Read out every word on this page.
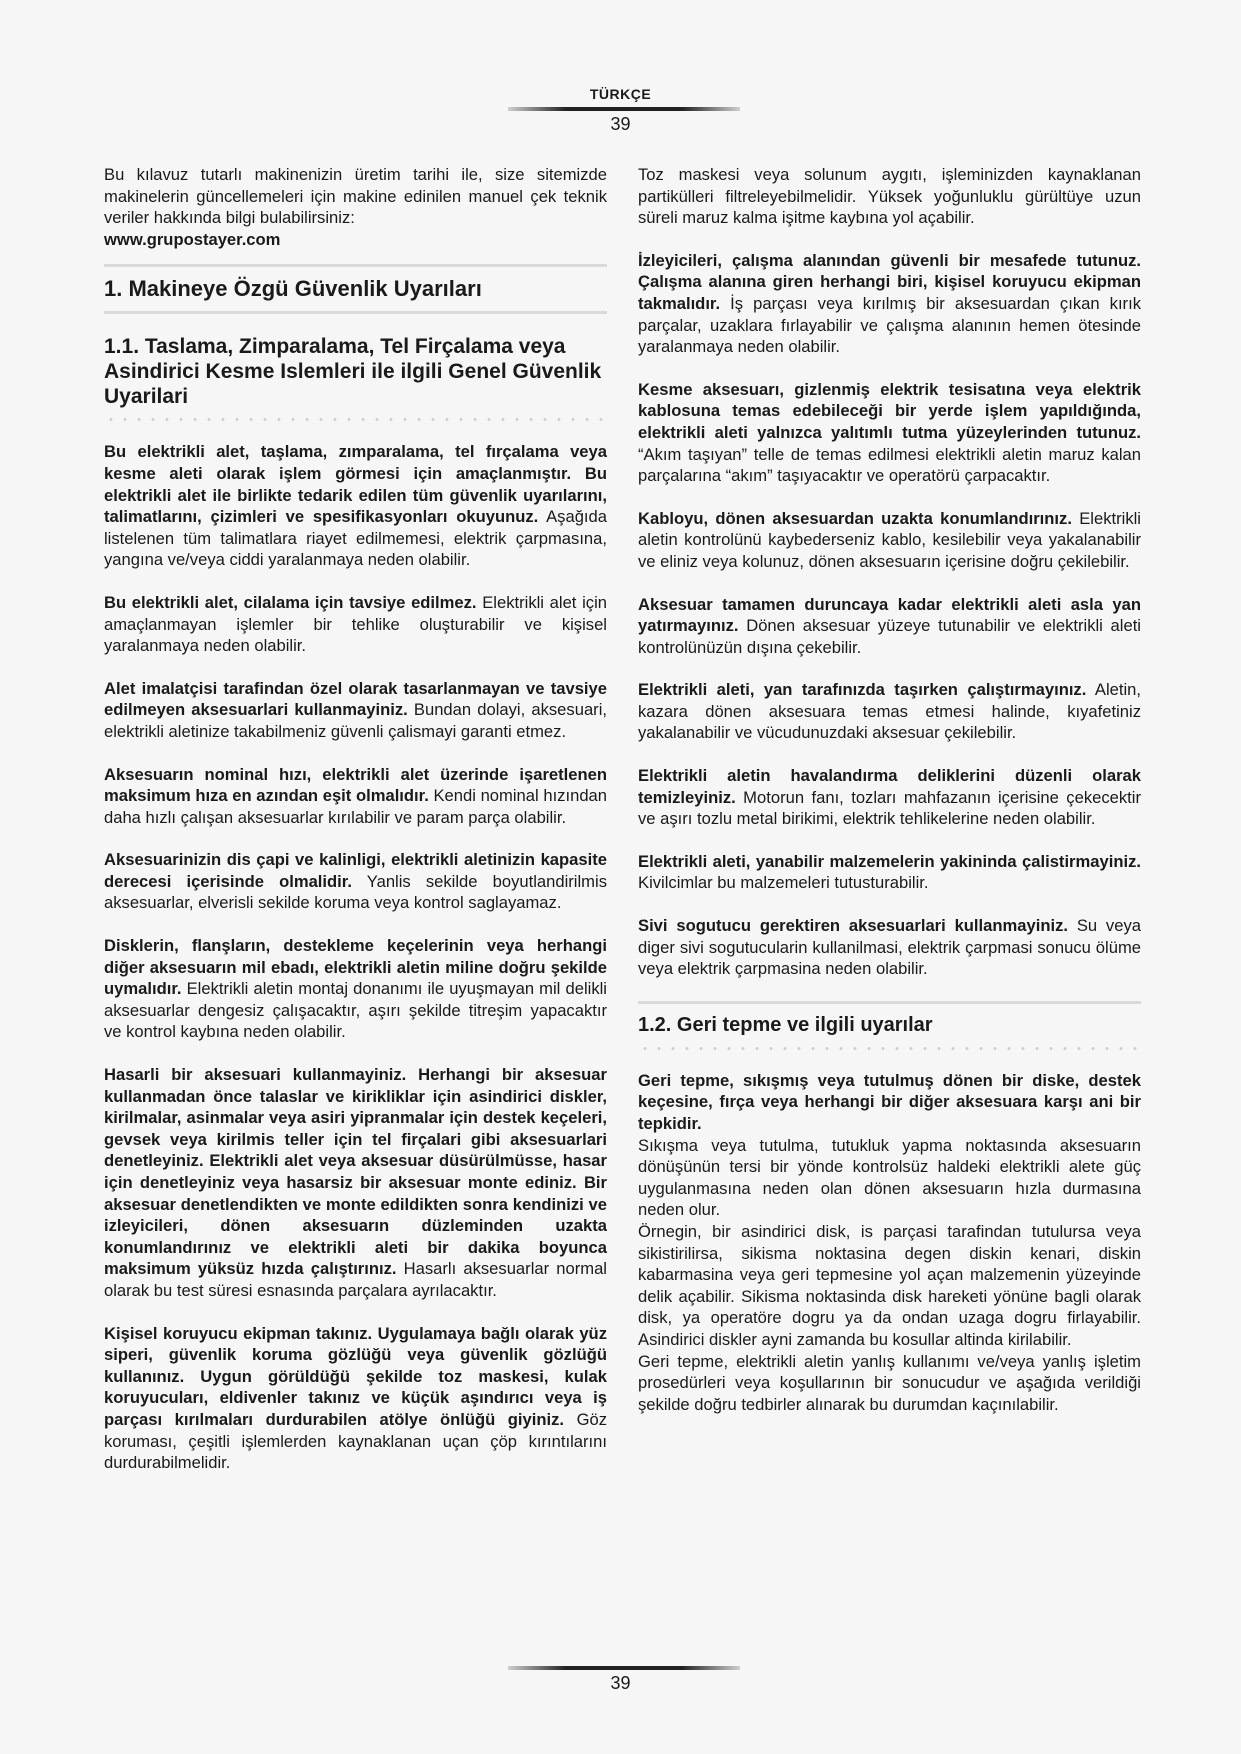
TÜRKÇE
39

Bu kılavuz tutarlı makinenizin üretim tarihi ile, size sitemizde makinelerin güncellemeleri için makine edinilen manuel çek teknik veriler hakkında bilgi bulabilirsiniz:
www.grupostayer.com

1. Makineye Özgü Güvenlik Uyarıları
1.1. Taslama, Zimparalama, Tel Firçalama veya Asindirici Kesme Islemleri ile ilgili Genel Güvenlik Uyarilari

Bu elektrikli alet, taşlama, zımparalama, tel fırçalama veya kesme aleti olarak işlem görmesi için amaçlanmıştır. Bu elektrikli alet ile birlikte tedarik edilen tüm güvenlik uyarılarını, talimatlarını, çizimleri ve spesifikasyonları okuyunuz. Aşağıda listelenen tüm talimatlara riayet edilmemesi, elektrik çarpmasına, yangına ve/veya ciddi yaralanmaya neden olabilir.

Bu elektrikli alet, cilalama için tavsiye edilmez. Elektrikli alet için amaçlanmayan işlemler bir tehlike oluşturabilir ve kişisel yaralanmaya neden olabilir.

Alet imalatçisi tarafindan özel olarak tasarlanmayan ve tavsiye edilmeyen aksesuarlari kullanmayiniz. Bundan dolayi, aksesuari, elektrikli aletinize takabilmeniz güvenli çalismayi garanti etmez.

Aksesuarın nominal hızı, elektrikli alet üzerinde işaretlenen maksimum hıza en azından eşit olmalıdır. Kendi nominal hızından daha hızlı çalışan aksesuarlar kırılabilir ve param parça olabilir.

Aksesuarinizin dis çapi ve kalinligi, elektrikli aletinizin kapasite derecesi içerisinde olmalidir. Yanlis sekilde boyutlandirilmis aksesuarlar, elverisli sekilde koruma veya kontrol saglayamaz.

Disklerin, flanşların, destekleme keçelerinin veya herhangi diğer aksesuarın mil ebadı, elektrikli aletin miline doğru şekilde uymalıdır. Elektrikli aletin montaj donanımı ile uyuşmayan mil delikli aksesuarlar dengesiz çalışacaktır, aşırı şekilde titreşim yapacaktır ve kontrol kaybına neden olabilir.

Hasarli bir aksesuari kullanmayiniz. Herhangi bir aksesuar kullanmadan önce talaslar ve kirikliklar için asindirici diskler, kirilmalar, asinmalar veya asiri yipranmalar için destek keçeleri, gevsek veya kirilmis teller için tel firçalari gibi aksesuarlari denetleyiniz. Elektrikli alet veya aksesuar düsürülmüsse, hasar için denetleyiniz veya hasarsiz bir aksesuar monte ediniz. Bir aksesuar denetlendikten ve monte edildikten sonra kendinizi ve izleyicileri, dönen aksesuarın düzleminden uzakta konumlandırınız ve elektrikli aleti bir dakika boyunca maksimum yüksüz hızda çalıştırınız. Hasarlı aksesuarlar normal olarak bu test süresi esnasında parçalara ayrılacaktır.

Kişisel koruyucu ekipman takınız. Uygulamaya bağlı olarak yüz siperi, güvenlik koruma gözlüğü veya güvenlik gözlüğü kullanınız. Uygun görüldüğü şekilde toz maskesi, kulak koruyucuları, eldivenler takınız ve küçük aşındırıcı veya iş parçası kırılmaları durdurabilen atölye önlüğü giyiniz. Göz koruması, çeşitli işlemlerden kaynaklanan uçan çöp kırıntılarını durdurabilmelidir.

Toz maskesi veya solunum aygıtı, işleminizden kaynaklanan partikülleri filtreleyebilmelidir. Yüksek yoğunluklu gürültüye uzun süreli maruz kalma işitme kaybına yol açabilir.

İzleyicileri, çalışma alanından güvenli bir mesafede tutunuz. Çalışma alanına giren herhangi biri, kişisel koruyucu ekipman takmalıdır. İş parçası veya kırılmış bir aksesuardan çıkan kırık parçalar, uzaklara fırlayabilir ve çalışma alanının hemen ötesinde yaralanmaya neden olabilir.

Kesme aksesuarı, gizlenmiş elektrik tesisatına veya elektrik kablosuna temas edebileceği bir yerde işlem yapıldığında, elektrikli aleti yalnızca yalıtımlı tutma yüzeylerinden tutunuz. “Akım taşıyan” telle de temas edilmesi elektrikli aletin maruz kalan parçalarına “akım” taşıyacaktır ve operatörü çarpacaktır.

Kabloyu, dönen aksesuardan uzakta konumlandırınız. Elektrikli aletin kontrolünü kaybederseniz kablo, kesilebilir veya yakalanabilir ve eliniz veya kolunuz, dönen aksesuarın içerisine doğru çekilebilir.

Aksesuar tamamen duruncaya kadar elektrikli aleti asla yan yatırmayınız. Dönen aksesuar yüzeye tutunabilir ve elektrikli aleti kontrolünüzün dışına çekebilir.

Elektrikli aleti, yan tarafınızda taşırken çalıştırmayınız. Aletin, kazara dönen aksesuara temas etmesi halinde, kıyafetiniz yakalanabilir ve vücudunuzdaki aksesuar çekilebilir.

Elektrikli aletin havalandırma deliklerini düzenli olarak temizleyiniz. Motorun fanı, tozları mahfazanın içerisine çekecektir ve aşırı tozlu metal birikimi, elektrik tehlikelerine neden olabilir.

Elektrikli aleti, yanabilir malzemelerin yakininda çalistirmayiniz. Kivilcimlar bu malzemeleri tutusturabilir.

Sivi sogutucu gerektiren aksesuarlari kullanmayiniz. Su veya diger sivi sogutucularin kullanilmasi, elektrik çarpmasi sonucu ölüme veya elektrik çarpmasina neden olabilir.

1.2. Geri tepme ve ilgili uyarılar

Geri tepme, sıkışmış veya tutulmuş dönen bir diske, destek keçesine, fırça veya herhangi bir diğer aksesuara karşı ani bir tepkidir.

Sıkışma veya tutulma, tutukluk yapma noktasında aksesuarın dönüşünün tersi bir yönde kontrolsüz haldeki elektrikli alete güç uygulanmasına neden olan dönen aksesuarın hızla durmasına neden olur.

Örnegin, bir asindirici disk, is parçasi tarafindan tutulursa veya sikistirilirsa, sikisma noktasina degen diskin kenari, diskin kabarmasina veya geri tepmesine yol açan malzemenin yüzeyinde delik açabilir. Sikisma noktasinda disk hareketi yönüne bagli olarak disk, ya operatöre dogru ya da ondan uzaga dogru firlayabilir. Asindirici diskler ayni zamanda bu kosullar altinda kirilabilir.

Geri tepme, elektrikli aletin yanlış kullanımı ve/veya yanlış işletim prosedürleri veya koşullarının bir sonucudur ve aşağıda verildiği şekilde doğru tedbirler alınarak bu durumdan kaçınılabilir.

39
